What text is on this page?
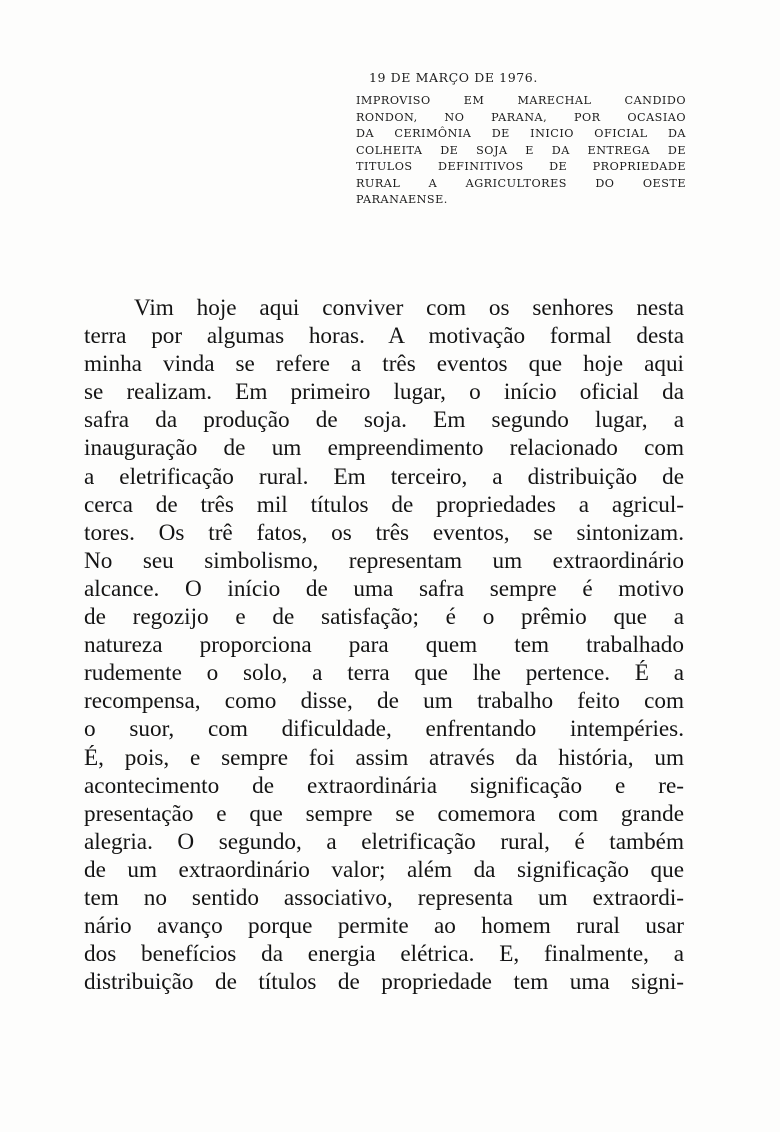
19 DE MARÇO DE 1976.
IMPROVISO EM MARECHAL CANDIDO
RONDON, NO PARANA, POR OCASIAO
DA CERIMÔNIA DE INICIO OFICIAL DA
COLHEITA DE SOJA E DA ENTREGA DE
TITULOS DEFINITIVOS DE PROPRIEDADE
RURAL A AGRICULTORES DO OESTE
PARANAENSE.
Vim hoje aqui conviver com os senhores nesta
terra por algumas horas. A motivação formal desta
minha vinda se refere a três eventos que hoje aqui
se realizam. Em primeiro lugar, o início oficial da
safra da produção de soja. Em segundo lugar, a
inauguração de um empreendimento relacionado com
a eletrificação rural. Em terceiro, a distribuição de
cerca de três mil títulos de propriedades a agricul-
tores. Os trê fatos, os três eventos, se sintonizam.
No seu simbolismo, representam um extraordinário
alcance. O início de uma safra sempre é motivo
de regozijo e de satisfação; é o prêmio que a
natureza proporciona para quem tem trabalhado
rudemente o solo, a terra que lhe pertence. É a
recompensa, como disse, de um trabalho feito com
o suor, com dificuldade, enfrentando intempéries.
É, pois, e sempre foi assim através da história, um
acontecimento de extraordinária significação e re-
presentação e que sempre se comemora com grande
alegria. O segundo, a eletrificação rural, é também
de um extraordinário valor; além da significação que
tem no sentido associativo, representa um extraordi-
nário avanço porque permite ao homem rural usar
dos benefícios da energia elétrica. E, finalmente, a
distribuição de títulos de propriedade tem uma signi-
